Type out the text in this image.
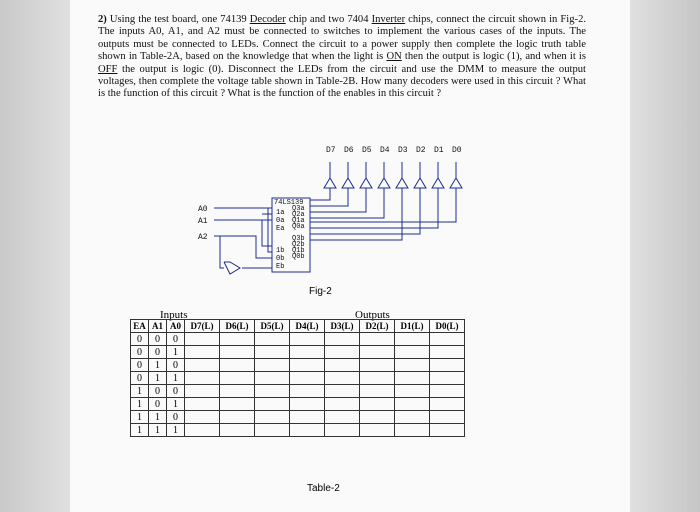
2) Using the test board, one 74139 Decoder chip and two 7404 Inverter chips, connect the circuit shown in Fig-2. The inputs A0, A1, and A2 must be connected to switches to implement the various cases of the inputs. The outputs must be connected to LEDs. Connect the circuit to a power supply then complete the logic truth table shown in Table-2A, based on the knowledge that when the light is ON then the output is logic (1), and when it is OFF the output is logic (0). Disconnect the LEDs from the circuit and use the DMM to measure the output voltages, then complete the voltage table shown in Table-2B. How many decoders were used in this circuit ? What is the function of this circuit ? What is the function of the enables in this circuit ?
D7 D6 D5 D4 D3 D2 D1 D0
74LS139
1a
0a
Ea
1b
0b
Eb
Q3a
Q2a
Q1a
Q0a
Q3b
Q2b
Q1b
Q0b
A0
A1
A2
Fig-2
Inputs	Outputs
EA	A1	A0	D7(L)	D6(L)	D5(L)	D4(L)	D3(L)	D2(L)	D1(L)	D0(L)
0	0	0								
0	0	1								
0	1	0								
0	1	1								
1	0	0								
1	0	1								
1	1	0								
1	1	1								
Table-2
